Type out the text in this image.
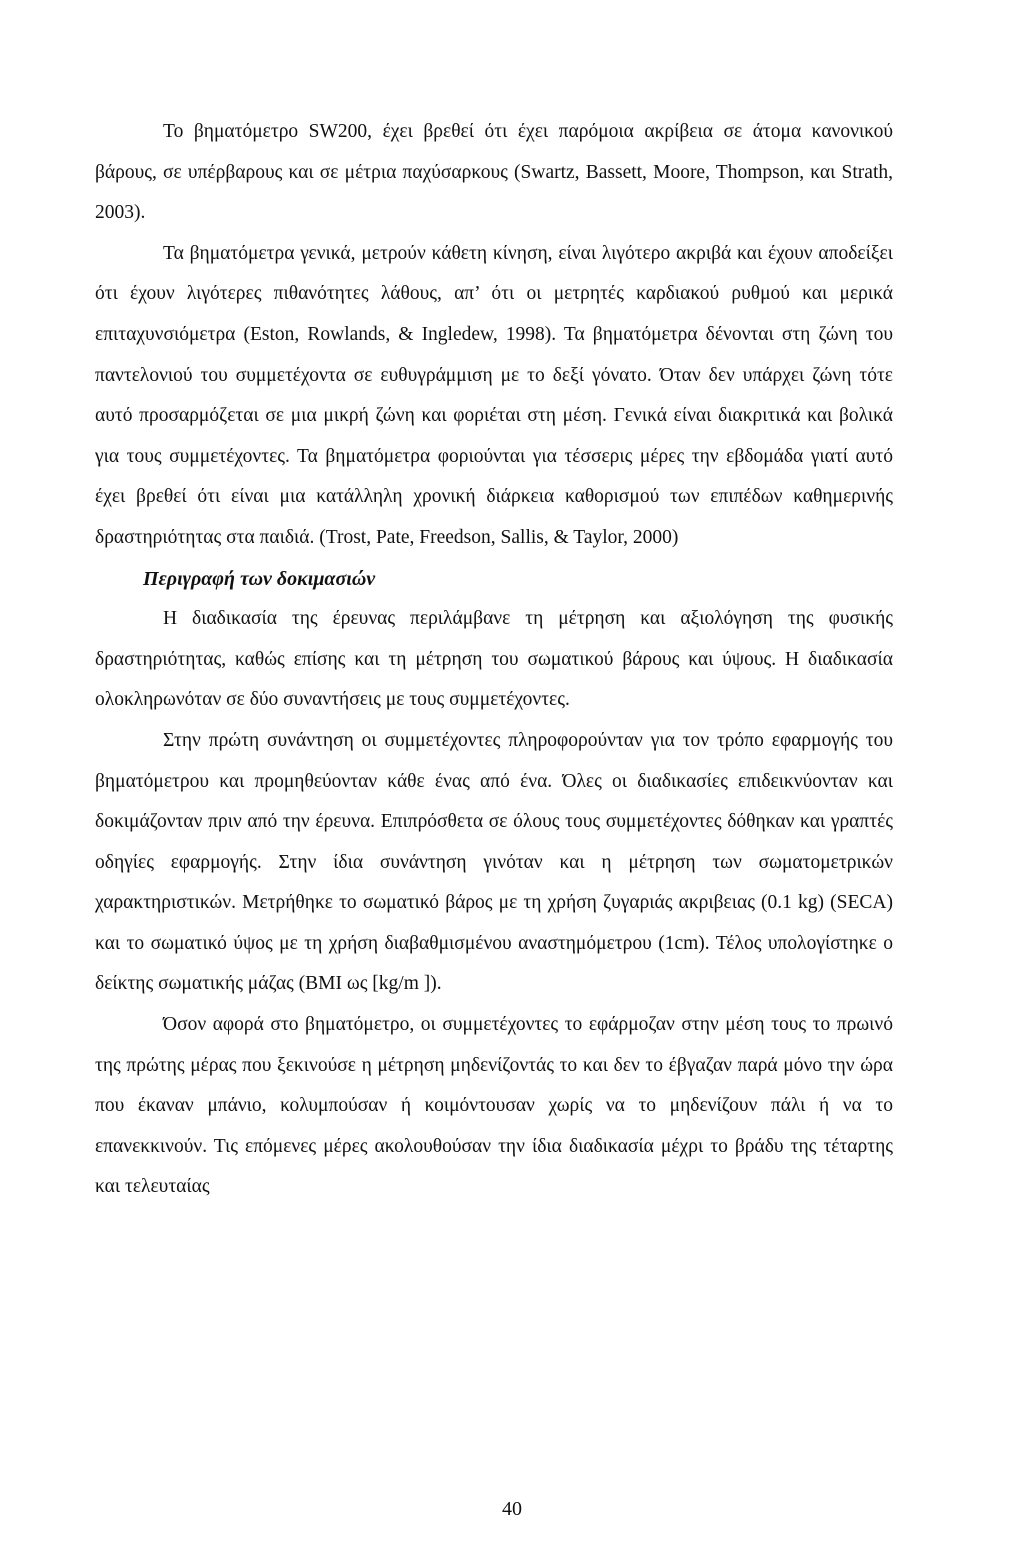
Το βηματόμετρο SW200, έχει βρεθεί ότι έχει παρόμοια ακρίβεια σε άτομα κανονικού βάρους, σε υπέρβαρους και σε μέτρια παχύσαρκους (Swartz, Bassett, Moore, Thompson, και Strath, 2003).

Τα βηματόμετρα γενικά, μετρούν κάθετη κίνηση, είναι λιγότερο ακριβά και έχουν αποδείξει ότι έχουν λιγότερες πιθανότητες λάθους, απ’ ότι οι μετρητές καρδιακού ρυθμού και μερικά επιταχυνσιόμετρα (Eston, Rowlands, & Ingledew, 1998). Τα βηματόμετρα δένονται στη ζώνη του παντελονιού του συμμετέχοντα σε ευθυγράμμιση με το δεξί γόνατο. Όταν δεν υπάρχει ζώνη τότε αυτό προσαρμόζεται σε μια μικρή ζώνη και φοριέται στη μέση. Γενικά είναι διακριτικά και βολικά για τους συμμετέχοντες. Τα βηματόμετρα φοριούνται για τέσσερις μέρες την εβδομάδα γιατί αυτό έχει βρεθεί ότι είναι μια κατάλληλη χρονική διάρκεια καθορισμού των επιπέδων καθημερινής δραστηριότητας στα παιδιά. (Trost, Pate, Freedson, Sallis, & Taylor, 2000)

Περιγραφή των δοκιμασιών

Η διαδικασία της έρευνας περιλάμβανε τη μέτρηση και αξιολόγηση της φυσικής δραστηριότητας, καθώς επίσης και τη μέτρηση του σωματικού βάρους και ύψους. Η διαδικασία ολοκληρωνόταν σε δύο συναντήσεις με τους συμμετέχοντες.

Στην πρώτη συνάντηση οι συμμετέχοντες πληροφορούνταν για τον τρόπο εφαρμογής του βηματόμετρου και προμηθεύονταν κάθε ένας από ένα. Όλες οι διαδικασίες επιδεικνύονταν και δοκιμάζονταν πριν από την έρευνα. Επιπρόσθετα σε όλους τους συμμετέχοντες δόθηκαν και γραπτές οδηγίες εφαρμογής. Στην ίδια συνάντηση γινόταν και η μέτρηση των σωματομετρικών χαρακτηριστικών. Μετρήθηκε το σωματικό βάρος με τη χρήση ζυγαριάς ακριβειας (0.1 kg) (SECA) και το σωματικό ύψος με τη χρήση διαβαθμισμένου αναστημόμετρου (1cm). Τέλος υπολογίστηκε ο δείκτης σωματικής μάζας (BMI ως [kg/m ]).

Όσον αφορά στο βηματόμετρο, οι συμμετέχοντες το εφάρμοζαν στην μέση τους το πρωινό της πρώτης μέρας που ξεκινούσε η μέτρηση μηδενίζοντάς το και δεν το έβγαζαν παρά μόνο την ώρα που έκαναν μπάνιο, κολυμπούσαν ή κοιμόντουσαν χωρίς να το μηδενίζουν πάλι ή να το επανεκκινούν. Τις επόμενες μέρες ακολουθούσαν την ίδια διαδικασία μέχρι το βράδυ της τέταρτης και τελευταίας

40
